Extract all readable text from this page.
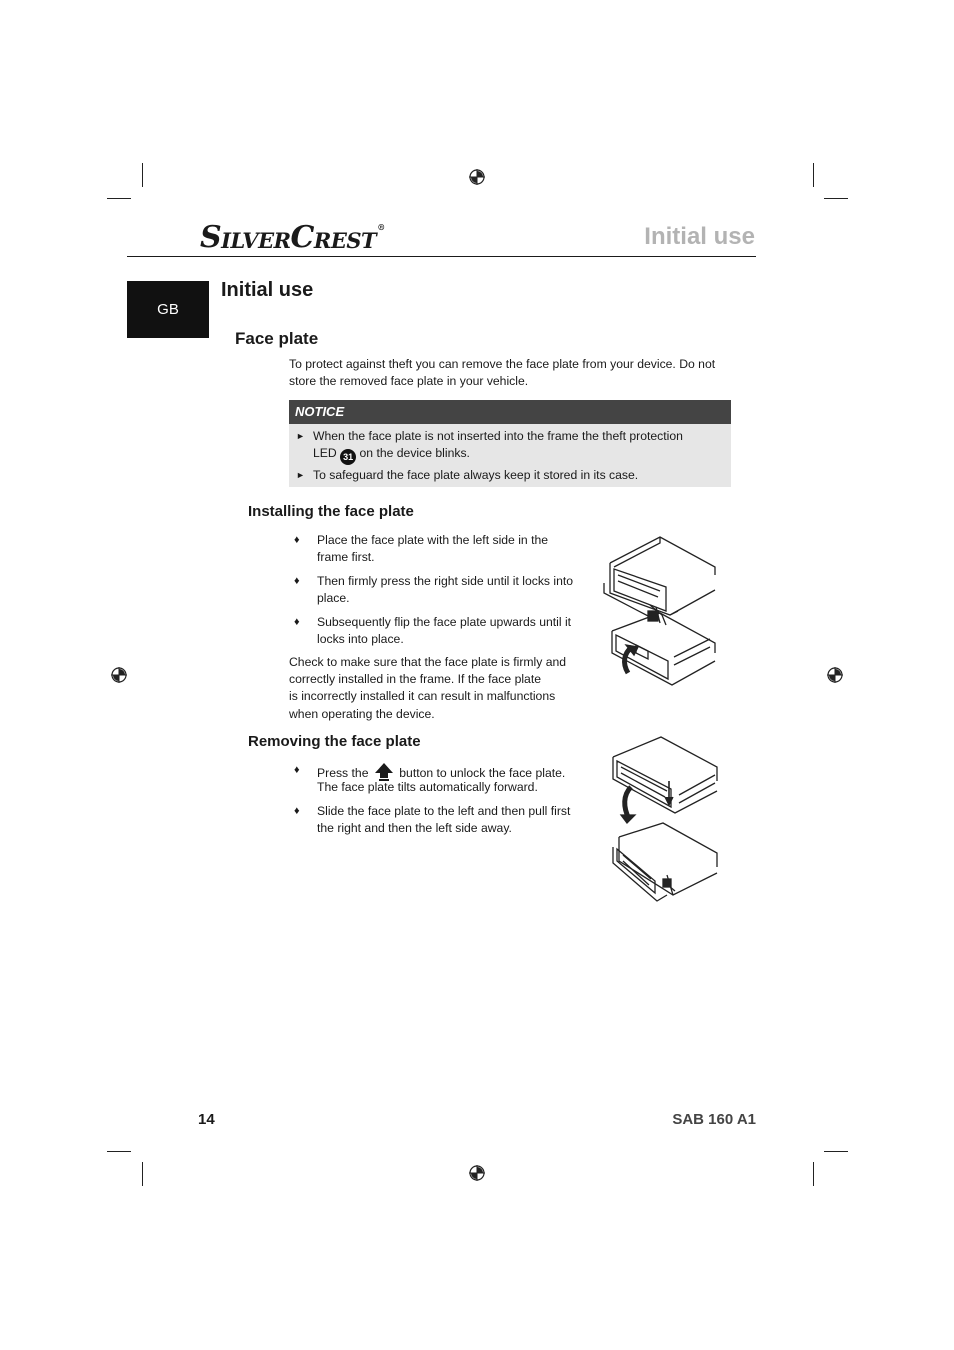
S ILVER C REST
®	Initial use
GB
Initial use
Face plate

To protect against theft you can remove the face plate from your device. Do not

store the removed face plate in your vehicle.

NOTICE
► When the face plate is not inserted into the frame the theft protection
LED 31 on the device blinks.
► To safeguard the face plate always keep it stored in its case.
Installing the face plate
♦ Place the face plate with the left side in the
frame first.
♦ Then firmly press the right side until it locks into
place.
♦ Subsequently flip the face plate upwards until it
locks into place.

Check to make sure that the face plate is firmly and

correctly installed in the frame. If the face plate

is incorrectly installed it can result in malfunctions

when operating the device.

Removing the face plate
♦ Press the	button to unlock the face plate.
The face plate tilts automatically forward.
♦ Slide the face plate to the left and then pull first
the right and then the left side away.
14	SAB 160 A1
